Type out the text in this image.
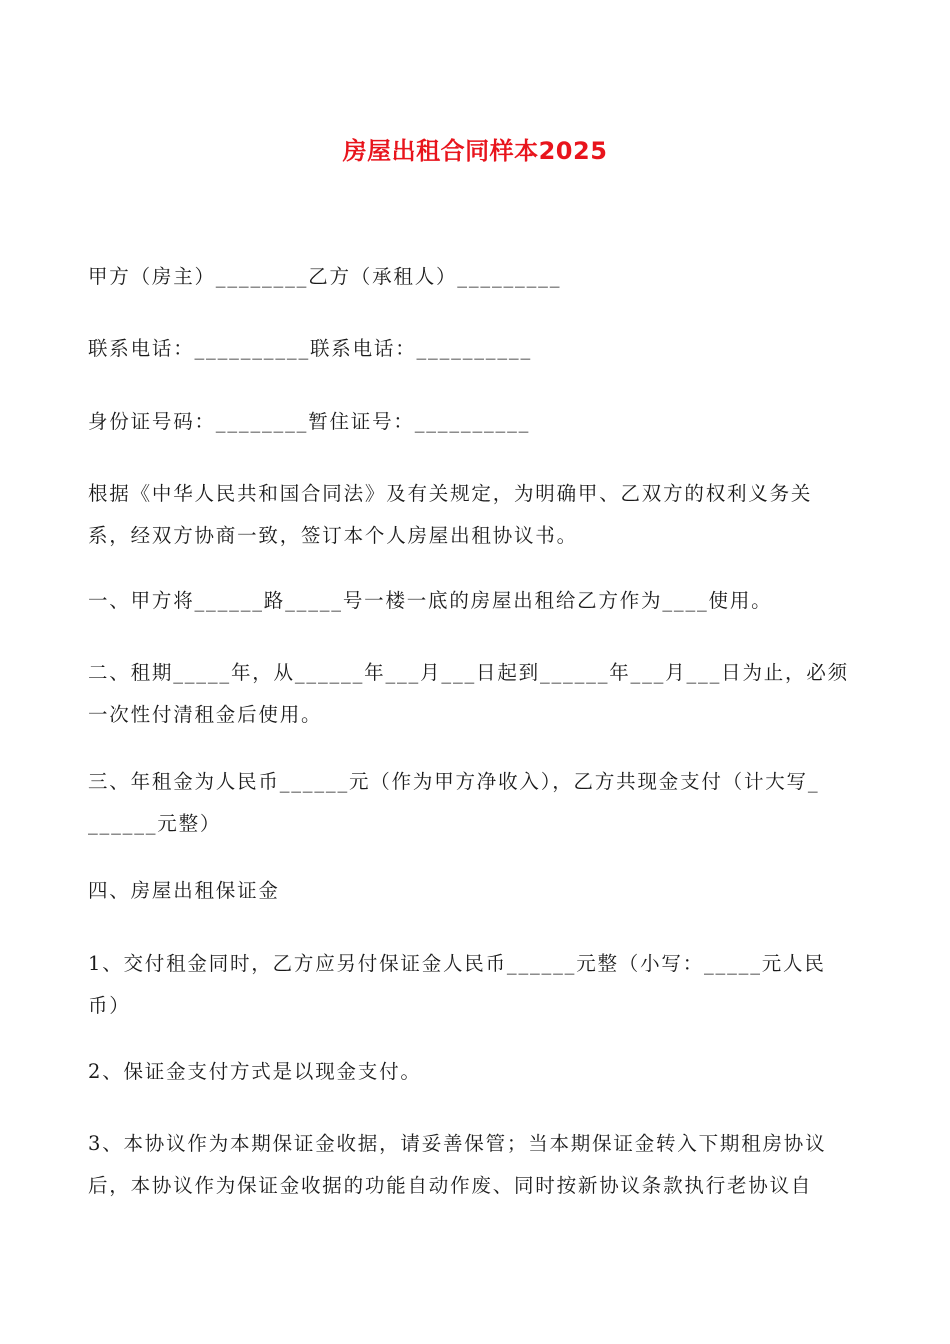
房屋出租合同样本2025
甲方（房主）________乙方（承租人）_________
联系电话：__________联系电话：__________
身份证号码：________暂住证号：__________
根据《中华人民共和国合同法》及有关规定，为明确甲、乙双方的权利义务关
系，经双方协商一致，签订本个人房屋出租协议书。
一、甲方将______路_____号一楼一底的房屋出租给乙方作为____使用。
二、租期_____年，从______年___月___日起到______年___月___日为止，必须
一次性付清租金后使用。
三、年租金为人民币______元（作为甲方净收入），乙方共现金支付（计大写_
______元整）
四、房屋出租保证金
1、交付租金同时，乙方应另付保证金人民币______元整（小写：_____元人民
币）
2、保证金支付方式是以现金支付。
3、本协议作为本期保证金收据，请妥善保管；当本期保证金转入下期租房协议
后，本协议作为保证金收据的功能自动作废、同时按新协议条款执行老协议自
